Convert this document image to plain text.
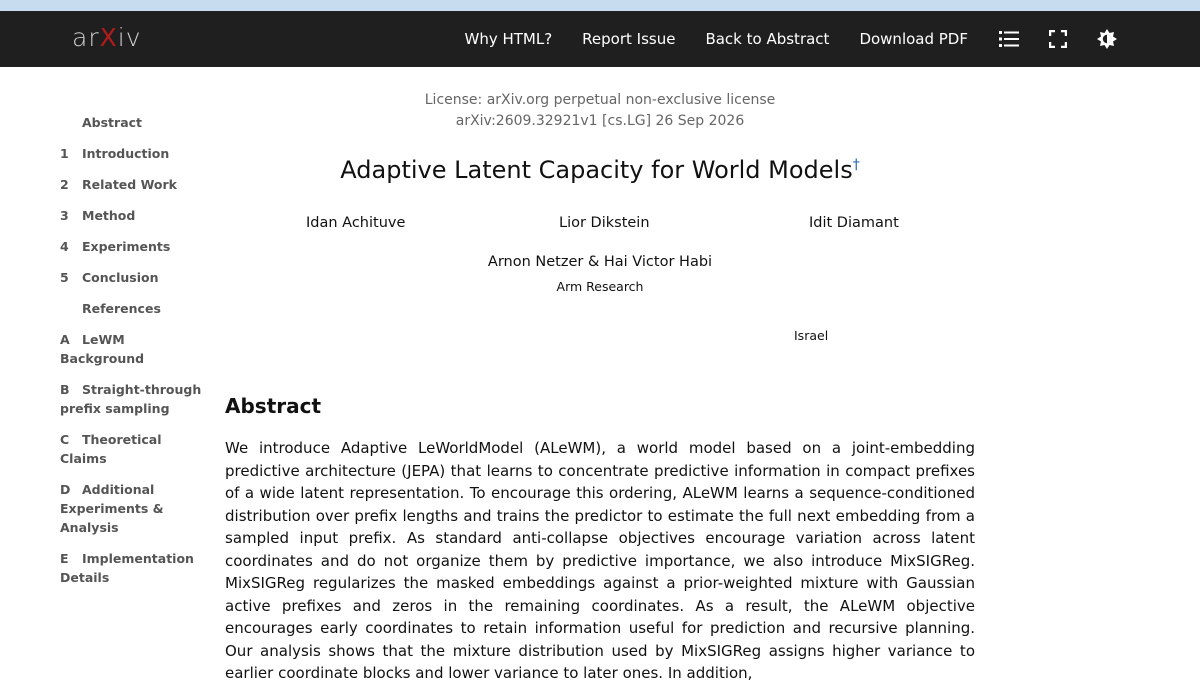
arXiv	Why HTML? Report Issue Back to Abstract Download PDF
Abstract
1 Introduction
2 Related Work
3 Method
4 Experiments
5 Conclusion
References
A LeWM Background
B Straight-through prefix sampling
C Theoretical Claims
D Additional Experiments & Analysis
E Implementation Details
License: arXiv.org perpetual non-exclusive license
arXiv:2609.32921v1 [cs.LG] 26 Sep 2026
Adaptive Latent Capacity for World Models†
Idan Achituve	Lior Dikstein	Idit Diamant
Arnon Netzer & Hai Victor Habi
Arm Research
Israel
Abstract

We introduce Adaptive LeWorldModel (ALeWM), a world model based on a joint-embedding predictive architecture (JEPA) that learns to concentrate predictive information in compact prefixes of a wide latent representation. To encourage this ordering, ALeWM learns a sequence-conditioned distribution over prefix lengths and trains the predictor to estimate the full next embedding from a sampled input prefix. As standard anti-collapse objectives encourage variation across latent coordinates and do not organize them by predictive importance, we also introduce MixSIGReg. MixSIGReg regularizes the masked embeddings against a prior-weighted mixture with Gaussian active prefixes and zeros in the remaining coordinates. As a result, the ALeWM objective encourages early coordinates to retain information useful for prediction and recursive planning. Our analysis shows that the mixture distribution used by MixSIGReg assigns higher variance to earlier coordinate blocks and lower variance to later ones. In addition,
